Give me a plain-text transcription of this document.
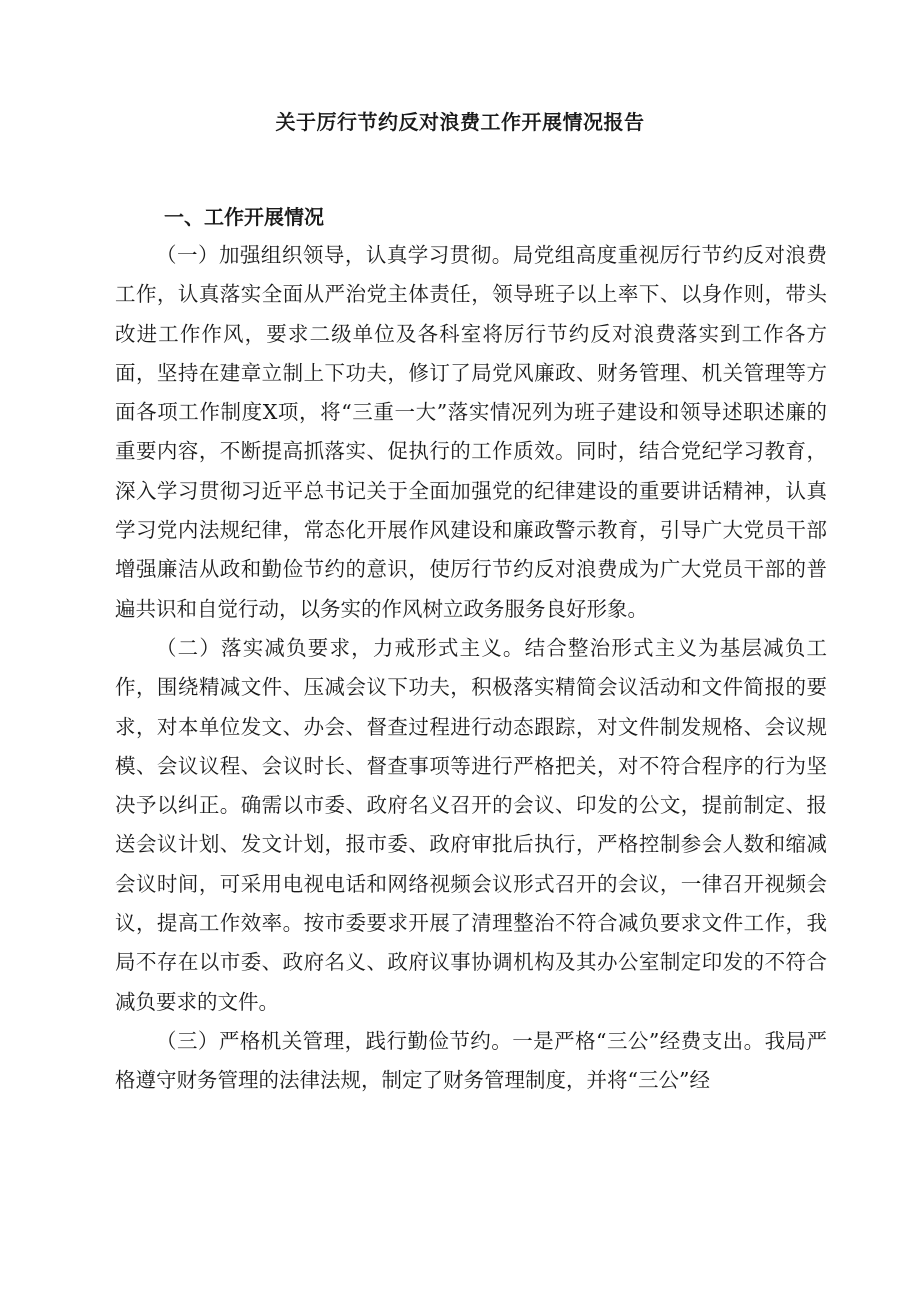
关于厉行节约反对浪费工作开展情况报告
一、工作开展情况

（一）加强组织领导，认真学习贯彻。局党组高度重视厉行节约反对浪费工作，认真落实全面从严治党主体责任，领导班子以上率下、以身作则，带头改进工作作风，要求二级单位及各科室将厉行节约反对浪费落实到工作各方面，坚持在建章立制上下功夫，修订了局党风廉政、财务管理、机关管理等方面各项工作制度X项，将“三重一大”落实情况列为班子建设和领导述职述廉的重要内容，不断提高抓落实、促执行的工作质效。同时，结合党纪学习教育，深入学习贯彻习近平总书记关于全面加强党的纪律建设的重要讲话精神，认真学习党内法规纪律，常态化开展作风建设和廉政警示教育，引导广大党员干部增强廉洁从政和勤俭节约的意识，使厉行节约反对浪费成为广大党员干部的普遍共识和自觉行动，以务实的作风树立政务服务良好形象。

（二）落实减负要求，力戒形式主义。结合整治形式主义为基层减负工作，围绕精减文件、压减会议下功夫，积极落实精简会议活动和文件简报的要求，对本单位发文、办会、督查过程进行动态跟踪，对文件制发规格、会议规模、会议议程、会议时长、督查事项等进行严格把关，对不符合程序的行为坚决予以纠正。确需以市委、政府名义召开的会议、印发的公文，提前制定、报送会议计划、发文计划，报市委、政府审批后执行，严格控制参会人数和缩减会议时间，可采用电视电话和网络视频会议形式召开的会议，一律召开视频会议，提高工作效率。按市委要求开展了清理整治不符合减负要求文件工作，我局不存在以市委、政府名义、政府议事协调机构及其办公室制定印发的不符合减负要求的文件。

（三）严格机关管理，践行勤俭节约。一是严格“三公”经费支出。我局严格遵守财务管理的法律法规，制定了财务管理制度，并将“三公”经
